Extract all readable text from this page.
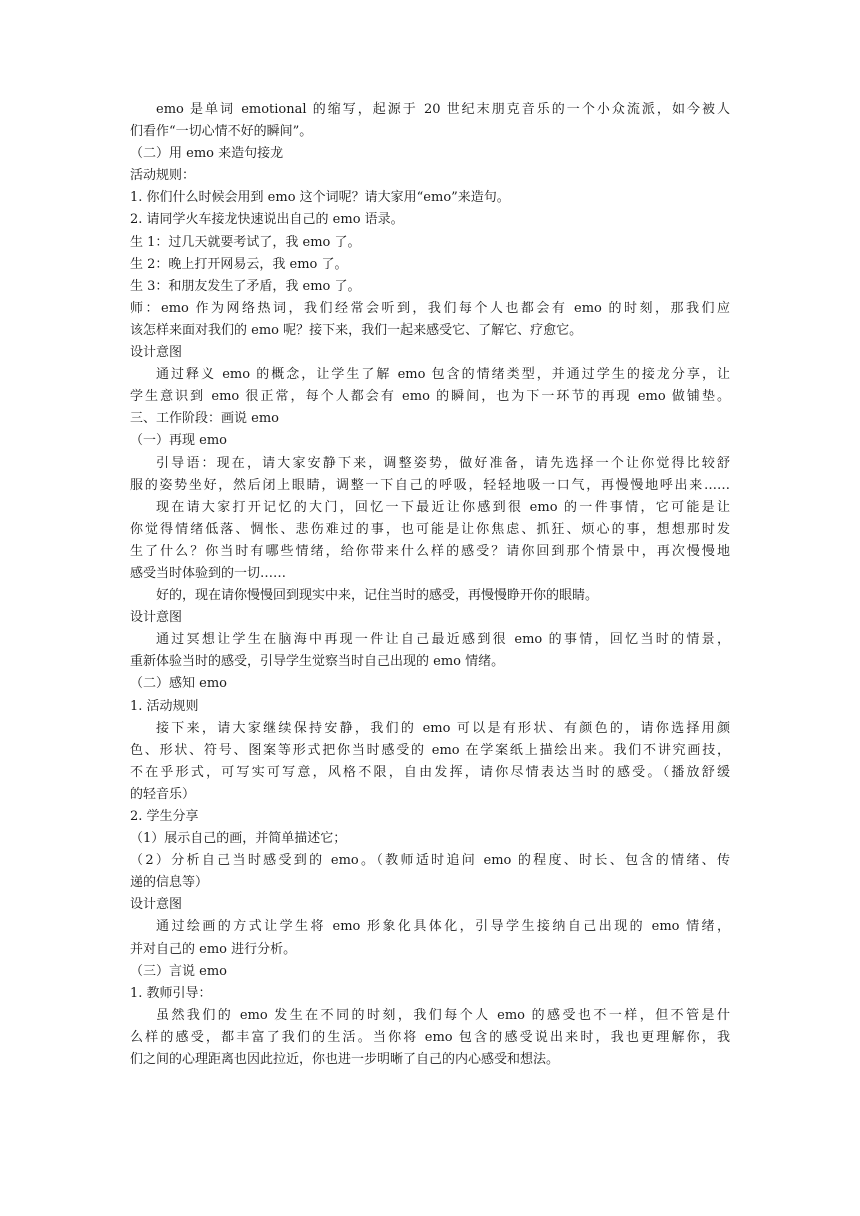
emo 是单词 emotional 的缩写，起源于 20 世纪末朋克音乐的一个小众流派，如今被人
们看作“一切心情不好的瞬间”。
（二）用 emo 来造句接龙
活动规则：
1. 你们什么时候会用到 emo 这个词呢？请大家用“emo”来造句。
2. 请同学火车接龙快速说出自己的 emo 语录。
生 1：过几天就要考试了，我 emo 了。
生 2：晚上打开网易云，我 emo 了。
生 3：和朋友发生了矛盾，我 emo 了。
师：emo 作为网络热词，我们经常会听到，我们每个人也都会有 emo 的时刻，那我们应
该怎样来面对我们的 emo 呢？接下来，我们一起来感受它、了解它、疗愈它。
设计意图
通过释义 emo 的概念，让学生了解 emo 包含的情绪类型，并通过学生的接龙分享，让
学生意识到 emo 很正常，每个人都会有 emo 的瞬间，也为下一环节的再现 emo 做铺垫。
三、工作阶段：画说 emo
（一）再现 emo
引导语：现在，请大家安静下来，调整姿势，做好准备，请先选择一个让你觉得比较舒
服的姿势坐好，然后闭上眼睛，调整一下自己的呼吸，轻轻地吸一口气，再慢慢地呼出来……
现在请大家打开记忆的大门，回忆一下最近让你感到很 emo 的一件事情，它可能是让
你觉得情绪低落、惆怅、悲伤难过的事，也可能是让你焦虑、抓狂、烦心的事，想想那时发
生了什么？你当时有哪些情绪，给你带来什么样的感受？请你回到那个情景中，再次慢慢地
感受当时体验到的一切……
好的，现在请你慢慢回到现实中来，记住当时的感受，再慢慢睁开你的眼睛。
设计意图
通过冥想让学生在脑海中再现一件让自己最近感到很 emo 的事情，回忆当时的情景，
重新体验当时的感受，引导学生觉察当时自己出现的 emo 情绪。
（二）感知 emo
1. 活动规则
接下来，请大家继续保持安静，我们的 emo 可以是有形状、有颜色的，请你选择用颜
色、形状、符号、图案等形式把你当时感受的 emo 在学案纸上描绘出来。我们不讲究画技，
不在乎形式，可写实可写意，风格不限，自由发挥，请你尽情表达当时的感受。（播放舒缓
的轻音乐）
2. 学生分享
（1）展示自己的画，并简单描述它；
（2）分析自己当时感受到的 emo。（教师适时追问 emo 的程度、时长、包含的情绪、传
递的信息等）
设计意图
通过绘画的方式让学生将 emo 形象化具体化，引导学生接纳自己出现的 emo 情绪，
并对自己的 emo 进行分析。
（三）言说 emo
1. 教师引导：
虽然我们的 emo 发生在不同的时刻，我们每个人 emo 的感受也不一样，但不管是什
么样的感受，都丰富了我们的生活。当你将 emo 包含的感受说出来时，我也更理解你，我
们之间的心理距离也因此拉近，你也进一步明晰了自己的内心感受和想法。
